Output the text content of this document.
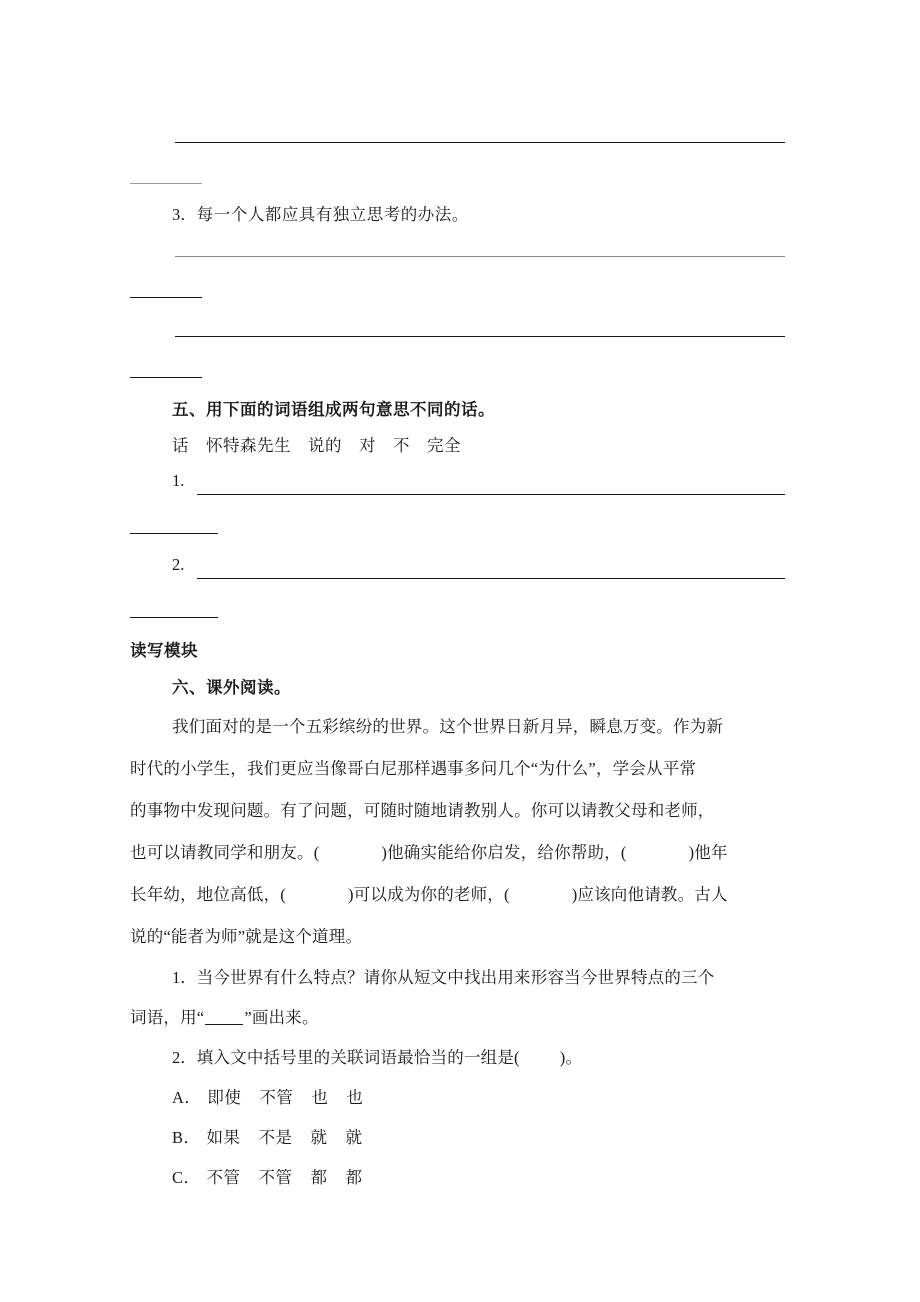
3．每一个人都应具有独立思考的办法。
五、用下面的词语组成两句意思不同的话。
话 怀特森先生 说的 对 不 完全
1.
2.
读写模块
六、课外阅读。
我们面对的是一个五彩缤纷的世界。这个世界日新月异，瞬息万变。作为新
时代的小学生，我们更应当像哥白尼那样遇事多问几个“为什么”，学会从平常
的事物中发现问题。有了问题，可随时随地请教别人。你可以请教父母和老师，
也可以请教同学和朋友。(	)他确实能给你启发，给你帮助，(	)他年
长年幼，地位高低，(	)可以成为你的老师，(	)应该向他请教。古人
说的“能者为师”就是这个道理。
1．当今世界有什么特点？请你从短文中找出用来形容当今世界特点的三个
词语，用“ ”画出来。
2．填入文中括号里的关联词语最恰当的一组是( )。
A． 即使 不管 也 也
B． 如果 不是 就 就
C． 不管 不管 都 都
